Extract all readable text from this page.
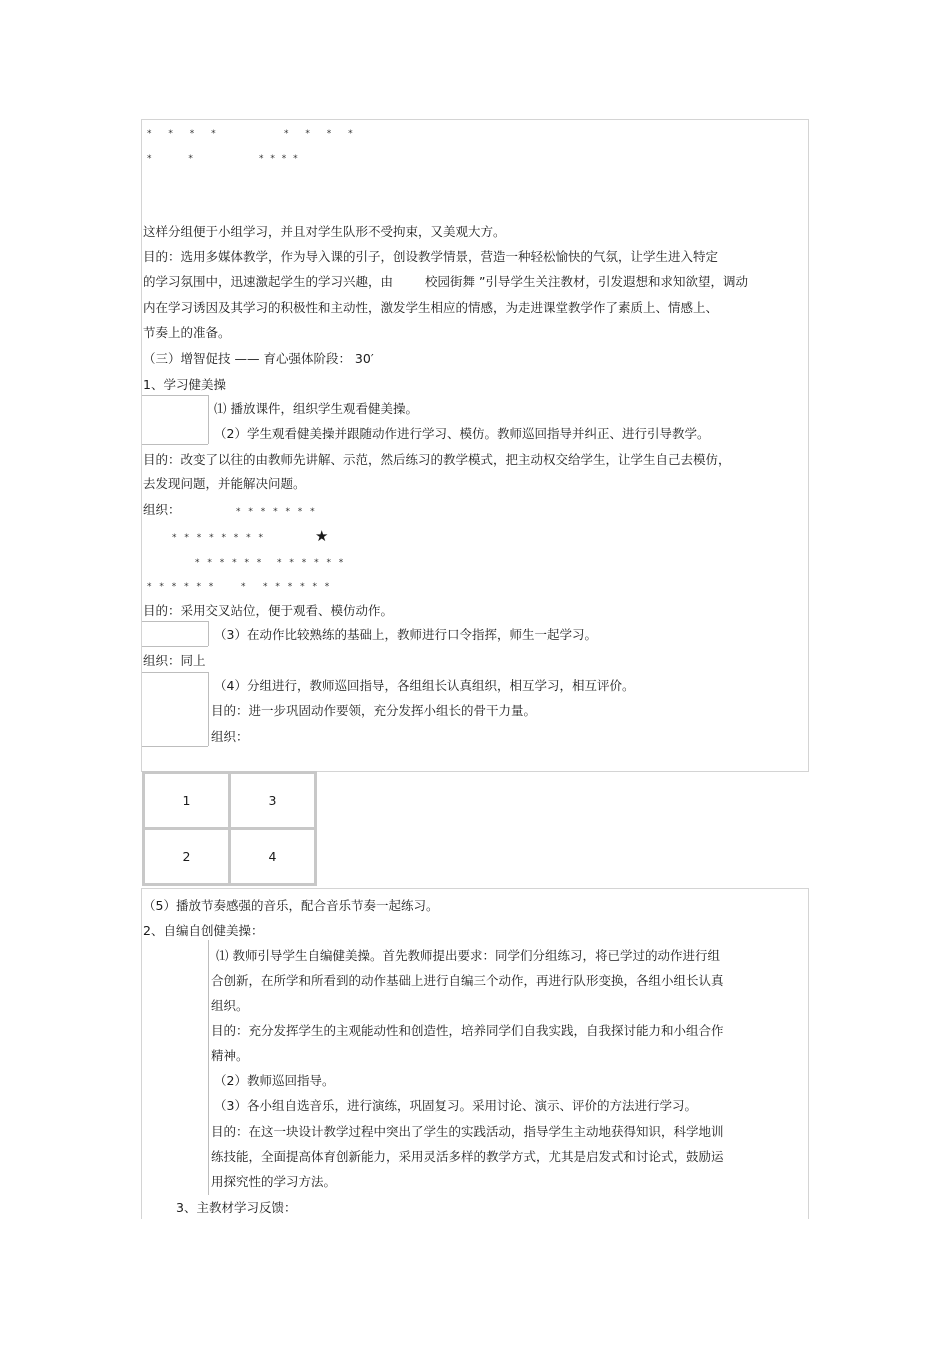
* * * *	* * * *
* *	* * * *
这样分组便于小组学习，并且对学生队形不受拘束，又美观大方。
目的：选用多媒体教学，作为导入课的引子，创设教学情景，营造一种轻松愉快的气氛，让学生进入特定
的学习氛围中，迅速激起学生的学习兴趣，由	校园街舞 ”引导学生关注教材，引发遐想和求知欲望，调动
内在学习诱因及其学习的积极性和主动性，激发学生相应的情感，为走进课堂教学作了素质上、情感上、
节奏上的准备。
（三）增智促技 —— 育心强体阶段： 30′
1、学习健美操
⑴ 播放课件，组织学生观看健美操。
（2）学生观看健美操并跟随动作进行学习、模仿。教师巡回指导并纠正、进行引导教学。
目的：改变了以往的由教师先讲解、示范，然后练习的教学模式，把主动权交给学生，让学生自己去模仿，
去发现问题，并能解决问题。
组织：	* * * * * * *
* * * * * * * *	★
* * * * * * * * * * * *
* * * * * *	* * * * * * *
目的：采用交叉站位，便于观看、模仿动作。
（3）在动作比较熟练的基础上，教师进行口令指挥，师生一起学习。
组织：同上
（4）分组进行，教师巡回指导，各组组长认真组织，相互学习，相互评价。
目的：进一步巩固动作要领，充分发挥小组长的骨干力量。
组织：
1	3
2	4
（5）播放节奏感强的音乐，配合音乐节奏一起练习。
2、自编自创健美操：
⑴ 教师引导学生自编健美操。首先教师提出要求：同学们分组练习，将已学过的动作进行组
合创新，在所学和所看到的动作基础上进行自编三个动作，再进行队形变换，各组小组长认真
组织。
目的：充分发挥学生的主观能动性和创造性，培养同学们自我实践，自我探讨能力和小组合作
精神。
（2）教师巡回指导。
（3）各小组自选音乐，进行演练，巩固复习。采用讨论、演示、评价的方法进行学习。
目的：在这一块设计教学过程中突出了学生的实践活动，指导学生主动地获得知识，科学地训
练技能，全面提高体育创新能力，采用灵活多样的教学方式，尤其是启发式和讨论式，鼓励运
用探究性的学习方法。
3、主教材学习反馈：
